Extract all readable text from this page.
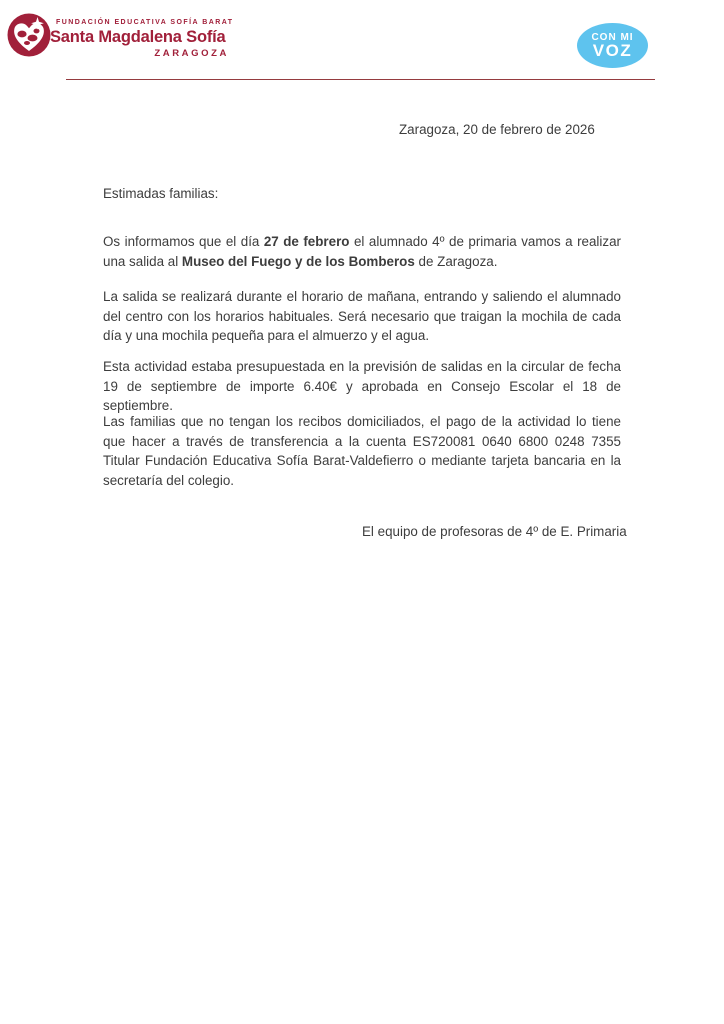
FUNDACIÓN EDUCATIVA SOFÍA BARAT
Santa Magdalena Sofía
ZARAGOZA
CON MI
VOZ
Zaragoza, 20 de febrero de 2026
Estimadas familias:

Os informamos que el día 27 de febrero el alumnado 4º de primaria vamos a realizar una salida al Museo del Fuego y de los Bomberos de Zaragoza.

La salida se realizará durante el horario de mañana, entrando y saliendo el alumnado del centro con los horarios habituales. Será necesario que traigan la mochila de cada día y una mochila pequeña para el almuerzo y el agua.

Esta actividad estaba presupuestada en la previsión de salidas en la circular de fecha 19 de septiembre de importe 6.40€ y aprobada en Consejo Escolar el 18 de septiembre.

Las familias que no tengan los recibos domiciliados, el pago de la actividad lo tiene que hacer a través de transferencia a la cuenta ES720081 0640 6800 0248 7355 Titular Fundación Educativa Sofía Barat-Valdefierro o mediante tarjeta bancaria en la secretaría del colegio.

El equipo de profesoras de 4º de E. Primaria
